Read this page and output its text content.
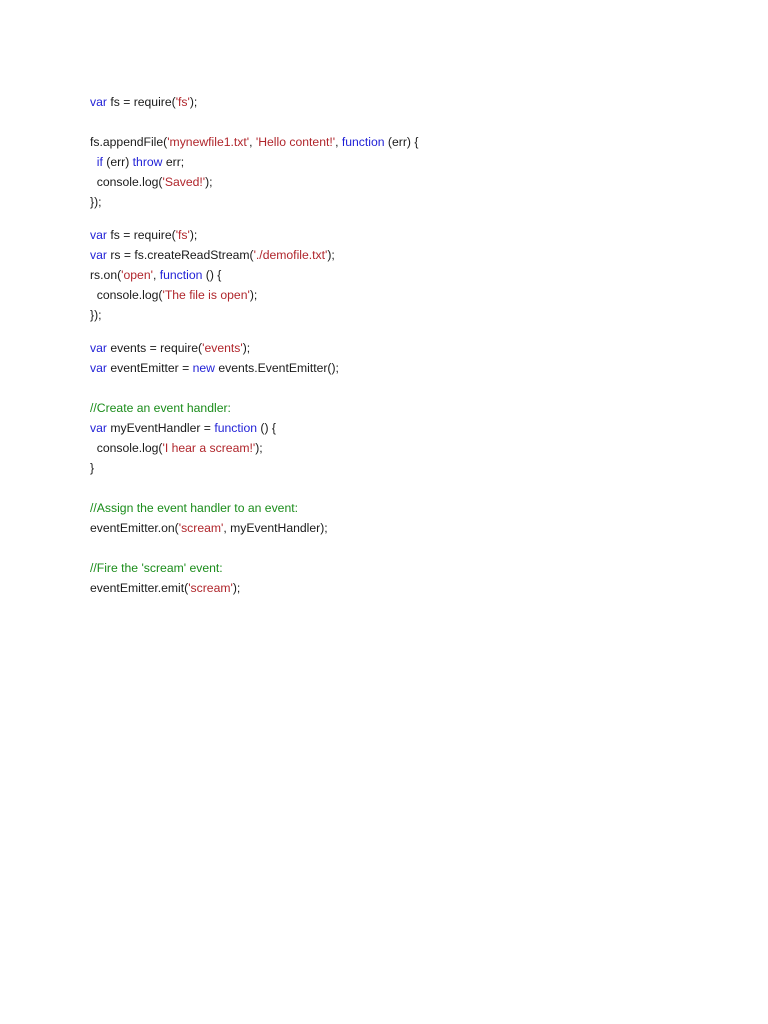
var fs = require('fs');
fs.appendFile('mynewfile1.txt', 'Hello content!', function (err) {
if (err) throw err;
console.log('Saved!');
});
var fs = require('fs');
var rs = fs.createReadStream('./demofile.txt');
rs.on('open', function () {
console.log('The file is open');
});
var events = require('events');
var eventEmitter = new events.EventEmitter();
//Create an event handler:
var myEventHandler = function () {
console.log('I hear a scream!');
}
//Assign the event handler to an event:
eventEmitter.on('scream', myEventHandler);
//Fire the 'scream' event:
eventEmitter.emit('scream');
